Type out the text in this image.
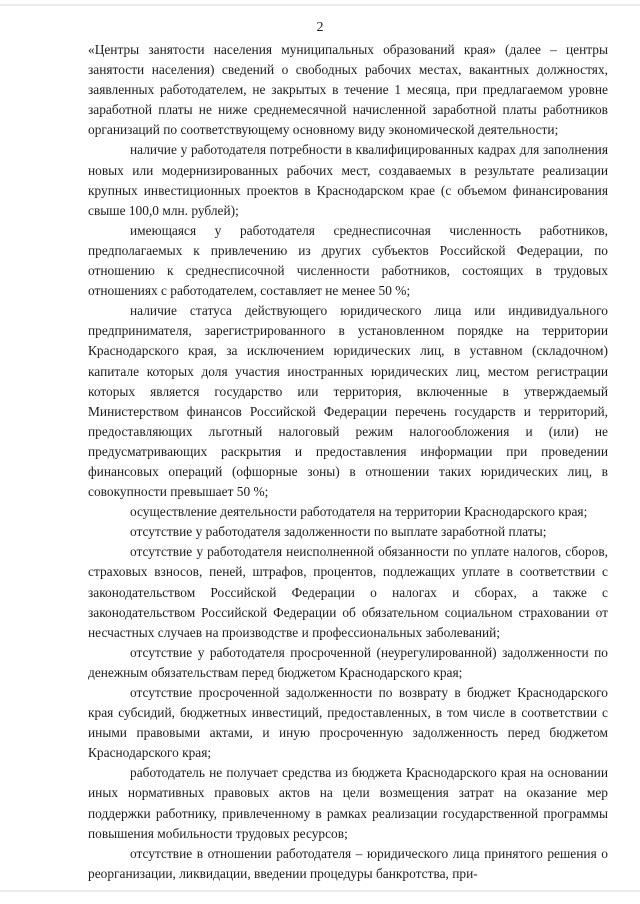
2

«Центры занятости населения муниципальных образований края» (далее – центры занятости населения) сведений о свободных рабочих местах, вакантных должностях, заявленных работодателем, не закрытых в течение 1 месяца, при предлагаемом уровне заработной платы не ниже среднемесячной начисленной заработной платы работников организаций по соответствующему основному виду экономической деятельности;

наличие у работодателя потребности в квалифицированных кадрах для заполнения новых или модернизированных рабочих мест, создаваемых в результате реализации крупных инвестиционных проектов в Краснодарском крае (с объемом финансирования свыше 100,0 млн. рублей);

имеющаяся у работодателя среднесписочная численность работников, предполагаемых к привлечению из других субъектов Российской Федерации, по отношению к среднесписочной численности работников, состоящих в трудовых отношениях с работодателем, составляет не менее 50 %;

наличие статуса действующего юридического лица или индивидуального предпринимателя, зарегистрированного в установленном порядке на территории Краснодарского края, за исключением юридических лиц, в уставном (складочном) капитале которых доля участия иностранных юридических лиц, местом регистрации которых является государство или территория, включенные в утверждаемый Министерством финансов Российской Федерации перечень государств и территорий, предоставляющих льготный налоговый режим налогообложения и (или) не предусматривающих раскрытия и предоставления информации при проведении финансовых операций (офшорные зоны) в отношении таких юридических лиц, в совокупности превышает 50 %;

осуществление деятельности работодателя на территории Краснодарского края;

отсутствие у работодателя задолженности по выплате заработной платы;

отсутствие у работодателя неисполненной обязанности по уплате налогов, сборов, страховых взносов, пеней, штрафов, процентов, подлежащих уплате в соответствии с законодательством Российской Федерации о налогах и сборах, а также с законодательством Российской Федерации об обязательном социальном страховании от несчастных случаев на производстве и профессиональных заболеваний;

отсутствие у работодателя просроченной (неурегулированной) задолженности по денежным обязательствам перед бюджетом Краснодарского края;

отсутствие просроченной задолженности по возврату в бюджет Краснодарского края субсидий, бюджетных инвестиций, предоставленных, в том числе в соответствии с иными правовыми актами, и иную просроченную задолженность перед бюджетом Краснодарского края;

работодатель не получает средства из бюджета Краснодарского края на основании иных нормативных правовых актов на цели возмещения затрат на оказание мер поддержки работнику, привлеченному в рамках реализации государственной программы повышения мобильности трудовых ресурсов;

отсутствие в отношении работодателя – юридического лица принятого решения о реорганизации, ликвидации, введении процедуры банкротства, при-
